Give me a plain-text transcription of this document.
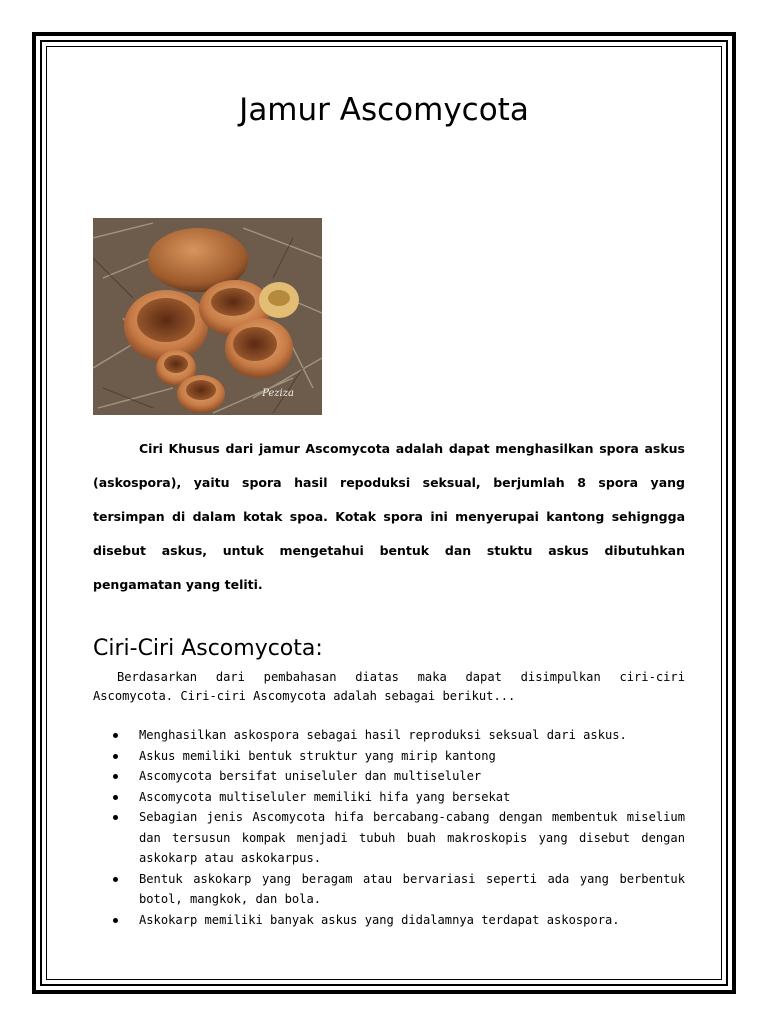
Jamur Ascomycota
Peziza

Ciri Khusus dari jamur Ascomycota adalah dapat menghasilkan spora askus (askospora), yaitu spora hasil repoduksi seksual, berjumlah 8 spora yang tersimpan di dalam kotak spoa. Kotak spora ini menyerupai kantong sehigngga disebut askus, untuk mengetahui bentuk dan stuktu askus dibutuhkan pengamatan yang teliti.

Ciri-Ciri Ascomycota:

Berdasarkan dari pembahasan diatas maka dapat disimpulkan ciri-ciri Ascomycota. Ciri-ciri Ascomycota adalah sebagai berikut...

Menghasilkan askospora sebagai hasil reproduksi seksual dari askus.
Askus memiliki bentuk struktur yang mirip kantong
Ascomycota bersifat uniseluler dan multiseluler
Ascomycota multiseluler memiliki hifa yang bersekat
Sebagian jenis Ascomycota hifa bercabang-cabang dengan membentuk miselium dan tersusun kompak menjadi tubuh buah makroskopis yang disebut dengan askokarp atau askokarpus.
Bentuk askokarp yang beragam atau bervariasi seperti ada yang berbentuk botol, mangkok, dan bola.
Askokarp memiliki banyak askus yang didalamnya terdapat askospora.
